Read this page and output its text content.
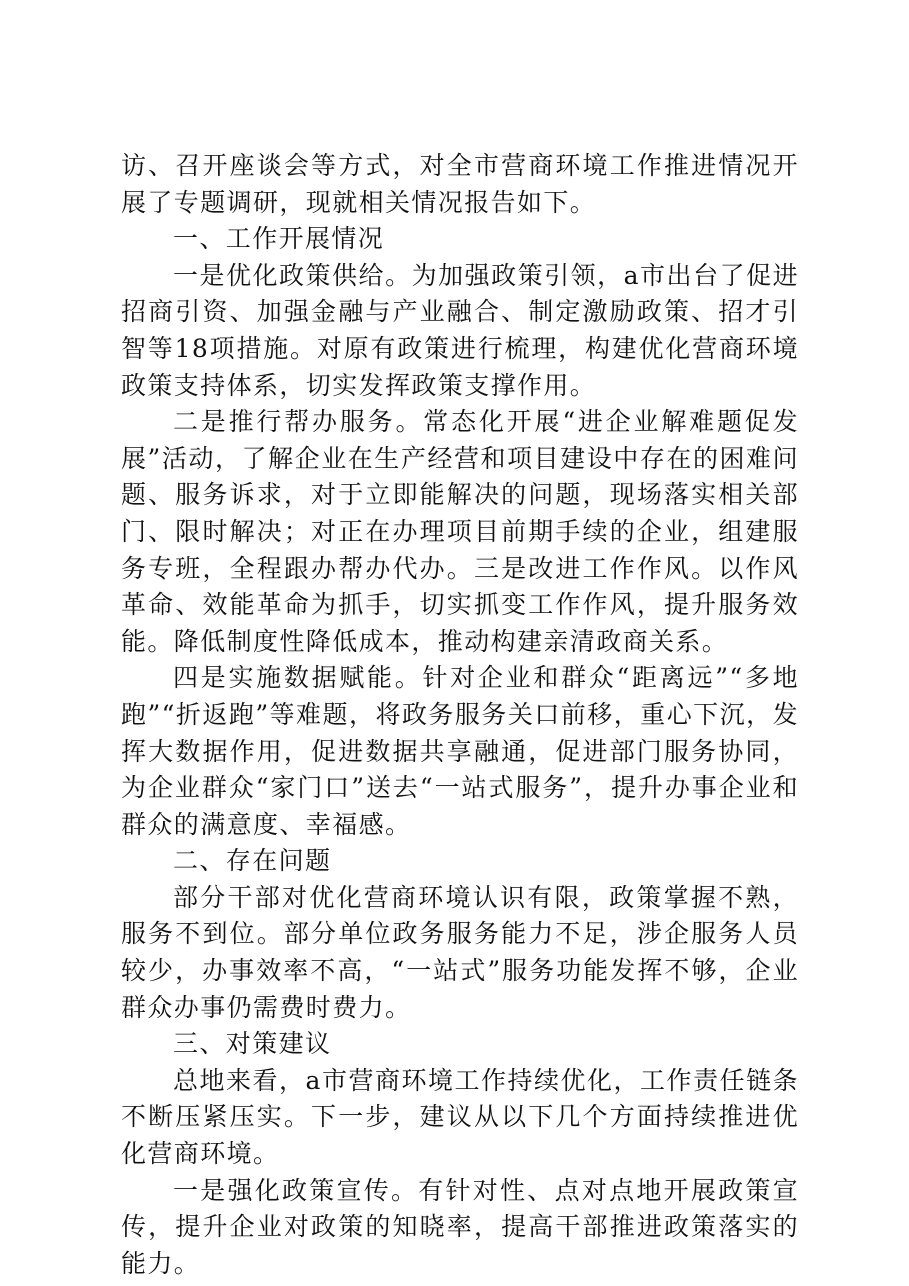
访、召开座谈会等方式，对全市营商环境工作推进情况开展了专题调研，现就相关情况报告如下。

一、工作开展情况

一是优化政策供给。为加强政策引领，a市出台了促进招商引资、加强金融与产业融合、制定激励政策、招才引智等18项措施。对原有政策进行梳理，构建优化营商环境政策支持体系，切实发挥政策支撑作用。

二是推行帮办服务。常态化开展“进企业解难题促发展”活动，了解企业在生产经营和项目建设中存在的困难问题、服务诉求，对于立即能解决的问题，现场落实相关部门、限时解决；对正在办理项目前期手续的企业，组建服务专班，全程跟办帮办代办。三是改进工作作风。以作风革命、效能革命为抓手，切实抓变工作作风，提升服务效能。降低制度性降低成本，推动构建亲清政商关系。

四是实施数据赋能。针对企业和群众“距离远”“多地跑”“折返跑”等难题，将政务服务关口前移，重心下沉，发挥大数据作用，促进数据共享融通，促进部门服务协同，为企业群众“家门口”送去“一站式服务”，提升办事企业和群众的满意度、幸福感。

二、存在问题

部分干部对优化营商环境认识有限，政策掌握不熟，服务不到位。部分单位政务服务能力不足，涉企服务人员较少，办事效率不高，“一站式”服务功能发挥不够，企业群众办事仍需费时费力。

三、对策建议

总地来看，a市营商环境工作持续优化，工作责任链条不断压紧压实。下一步，建议从以下几个方面持续推进优化营商环境。

一是强化政策宣传。有针对性、点对点地开展政策宣传，提升企业对政策的知晓率，提高干部推进政策落实的能力。
